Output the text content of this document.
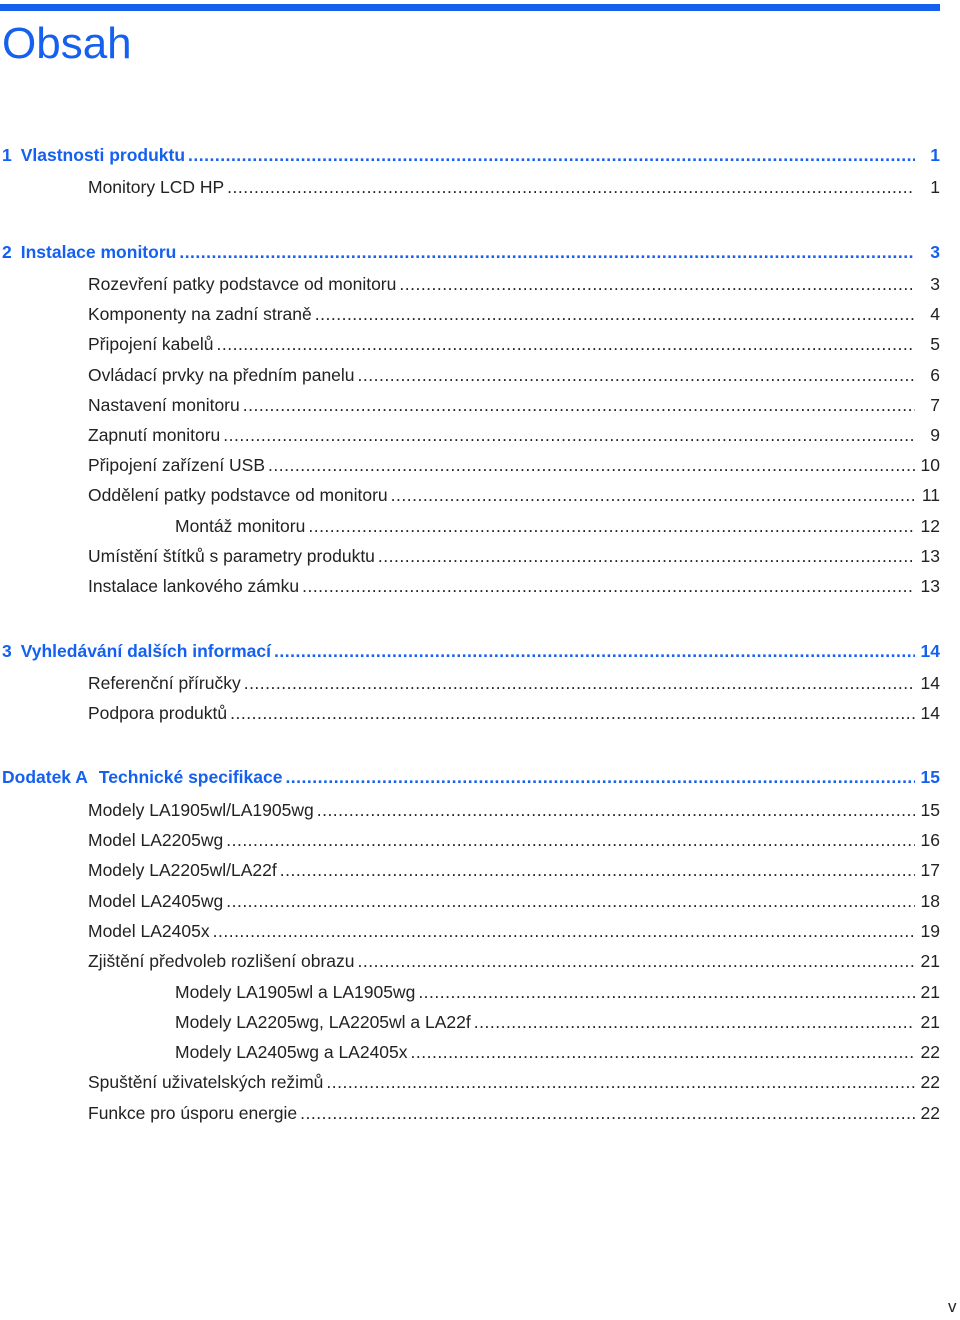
Obsah
1 Vlastnosti produktu .....	1
Monitory LCD HP .....	1
2 Instalace monitoru .....	3
Rozevření patky podstavce od monitoru .....	3
Komponenty na zadní straně .....	4
Připojení kabelů .....	5
Ovládací prvky na předním panelu .....	6
Nastavení monitoru .....	7
Zapnutí monitoru .....	9
Připojení zařízení USB .....	10
Oddělení patky podstavce od monitoru .....	11
Montáž monitoru .....	12
Umístění štítků s parametry produktu .....	13
Instalace lankového zámku .....	13
3 Vyhledávání dalších informací .....	14
Referenční příručky .....	14
Podpora produktů .....	14
Dodatek A Technické specifikace .....	15
Modely LA1905wl/LA1905wg .....	15
Model LA2205wg .....	16
Modely LA2205wl/LA22f .....	17
Model LA2405wg .....	18
Model LA2405x .....	19
Zjištění předvoleb rozlišení obrazu .....	21
Modely LA1905wl a LA1905wg .....	21
Modely LA2205wg, LA2205wl a LA22f .....	21
Modely LA2405wg a LA2405x .....	22
Spuštění uživatelských režimů .....	22
Funkce pro úsporu energie .....	22
v
